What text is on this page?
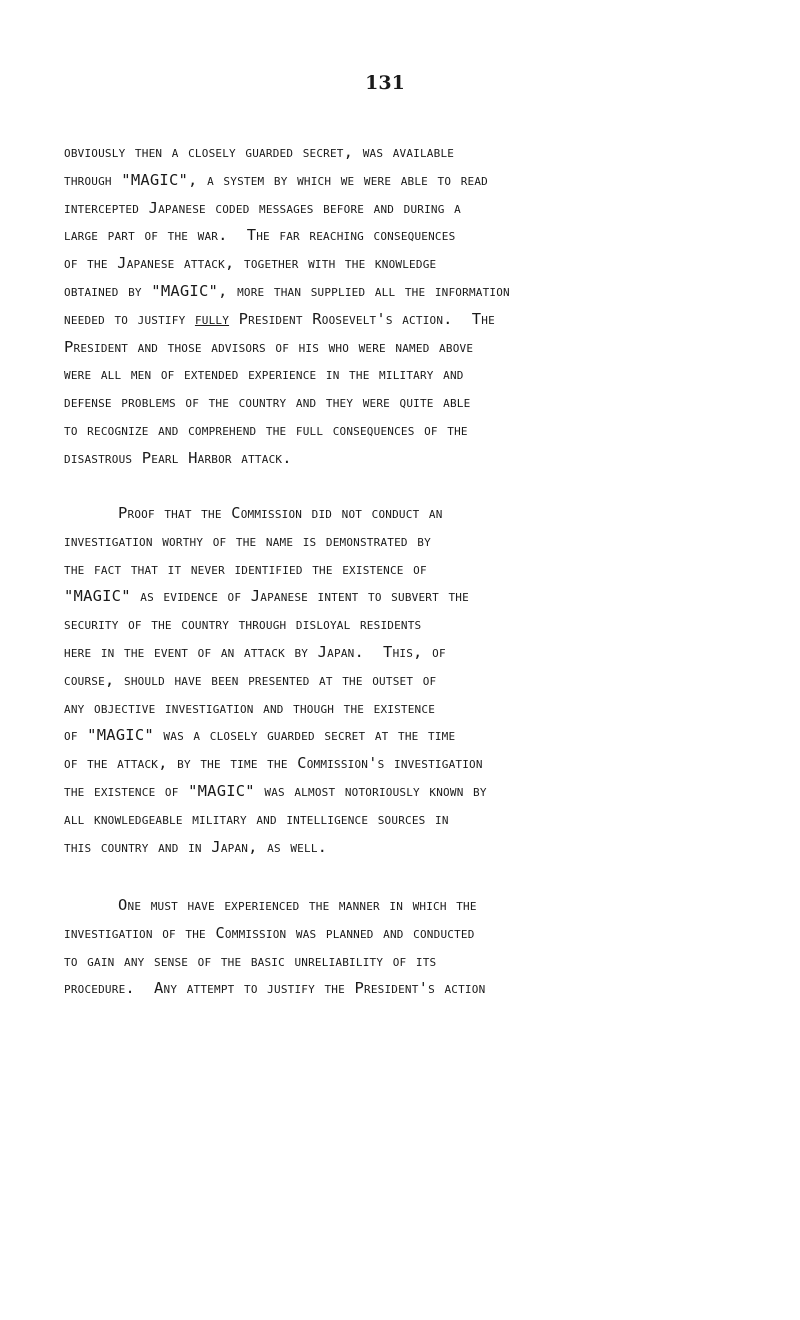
131
obviously then a closely guarded secret, was available
through "MAGIC", a system by which we were able to read
intercepted Japanese coded messages before and during a
large part of the war.  The far reaching consequences
of the Japanese attack, together with the knowledge
obtained by "MAGIC", more than supplied all the information
needed to justify fully President Roosevelt's action.  The
President and those advisors of his who were named above
were all men of extended experience in the military and
defense problems of the country and they were quite able
to recognize and comprehend the full consequences of the
disastrous Pearl Harbor attack.
Proof that the Commission did not conduct an
investigation worthy of the name is demonstrated by
the fact that it never identified the existence of
"MAGIC" as evidence of Japanese intent to subvert the
security of the country through disloyal residents
here in the event of an attack by Japan.  This, of
course, should have been presented at the outset of
any objective investigation and though the existence
of "MAGIC" was a closely guarded secret at the time
of the attack, by the time the Commission's investigation
the existence of "MAGIC" was almost notoriously known by
all knowledgeable military and intelligence sources in
this country and in Japan, as well.
One must have experienced the manner in which the
investigation of the Commission was planned and conducted
to gain any sense of the basic unreliability of its
procedure.  Any attempt to justify the President's action
